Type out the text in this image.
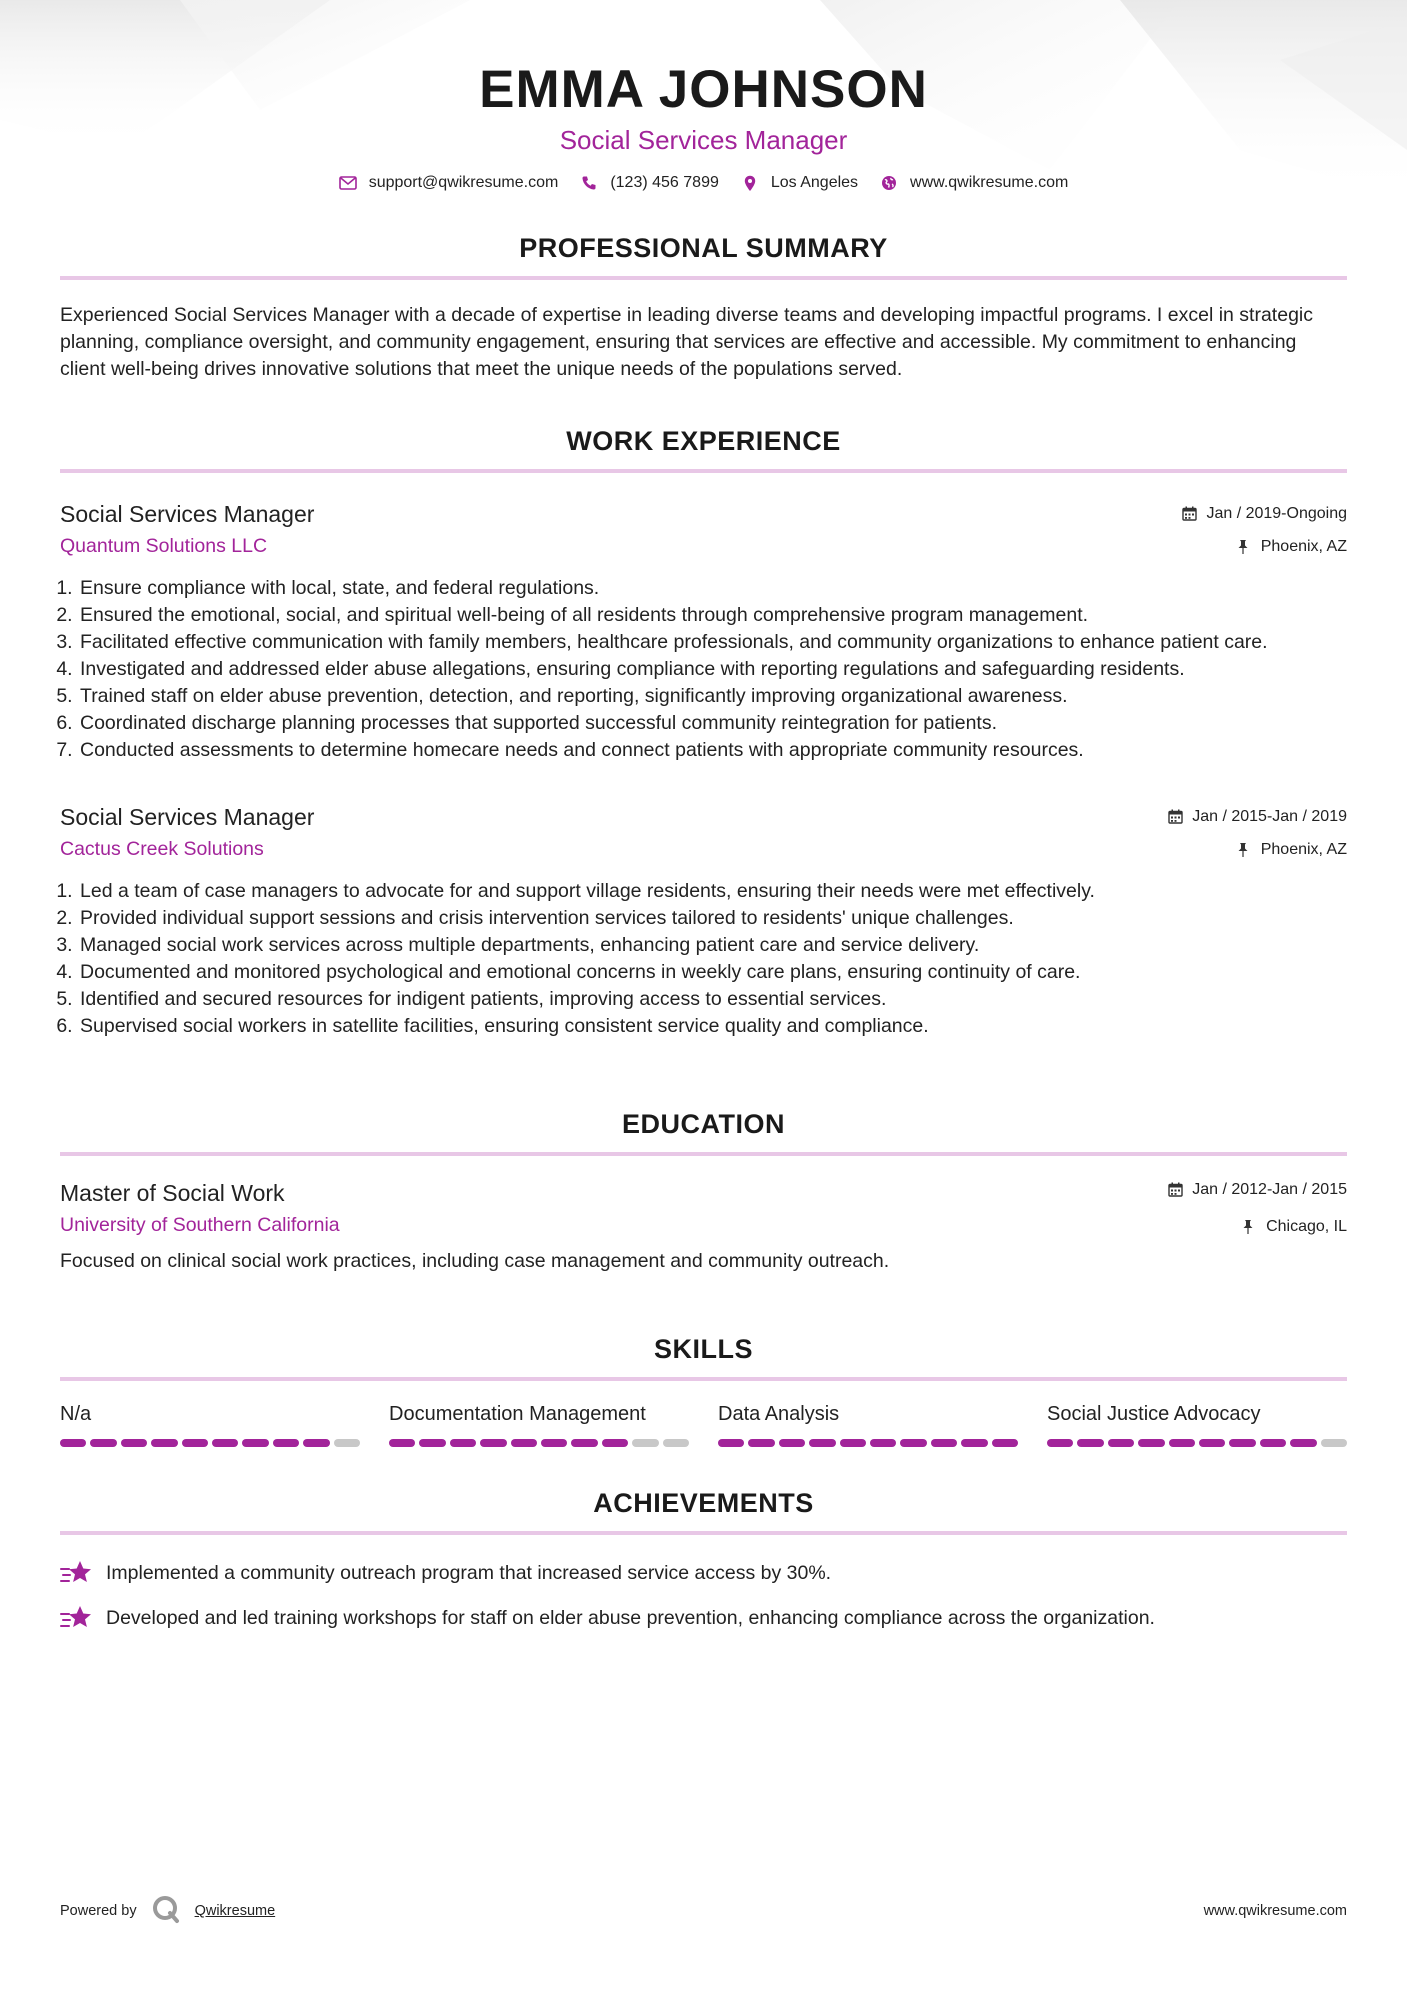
EMMA JOHNSON
Social Services Manager
support@qwikresume.com	(123) 456 7899	Los Angeles	www.qwikresume.com
PROFESSIONAL SUMMARY

Experienced Social Services Manager with a decade of expertise in leading diverse teams and developing impactful programs. I excel in strategic planning, compliance oversight, and community engagement, ensuring that services are effective and accessible. My commitment to enhancing client well-being drives innovative solutions that meet the unique needs of the populations served.

WORK EXPERIENCE
Social Services Manager
Quantum Solutions LLC
Jan / 2019-Ongoing
Phoenix, AZ
1. Ensure compliance with local, state, and federal regulations.
2. Ensured the emotional, social, and spiritual well-being of all residents through comprehensive program management.
3. Facilitated effective communication with family members, healthcare professionals, and community organizations to enhance patient care.
4. Investigated and addressed elder abuse allegations, ensuring compliance with reporting regulations and safeguarding residents.
5. Trained staff on elder abuse prevention, detection, and reporting, significantly improving organizational awareness.
6. Coordinated discharge planning processes that supported successful community reintegration for patients.
7. Conducted assessments to determine homecare needs and connect patients with appropriate community resources.
Social Services Manager
Cactus Creek Solutions
Jan / 2015-Jan / 2019
Phoenix, AZ
1. Led a team of case managers to advocate for and support village residents, ensuring their needs were met effectively.
2. Provided individual support sessions and crisis intervention services tailored to residents' unique challenges.
3. Managed social work services across multiple departments, enhancing patient care and service delivery.
4. Documented and monitored psychological and emotional concerns in weekly care plans, ensuring continuity of care.
5. Identified and secured resources for indigent patients, improving access to essential services.
6. Supervised social workers in satellite facilities, ensuring consistent service quality and compliance.
EDUCATION
Master of Social Work
University of Southern California
Jan / 2012-Jan / 2015
Chicago, IL

Focused on clinical social work practices, including case management and community outreach.

SKILLS
N/a	Documentation Management	Data Analysis	Social Justice Advocacy
ACHIEVEMENTS
Implemented a community outreach program that increased service access by 30%.
Developed and led training workshops for staff on elder abuse prevention, enhancing compliance across the organization.
Powered by	Qwikresume	www.qwikresume.com
